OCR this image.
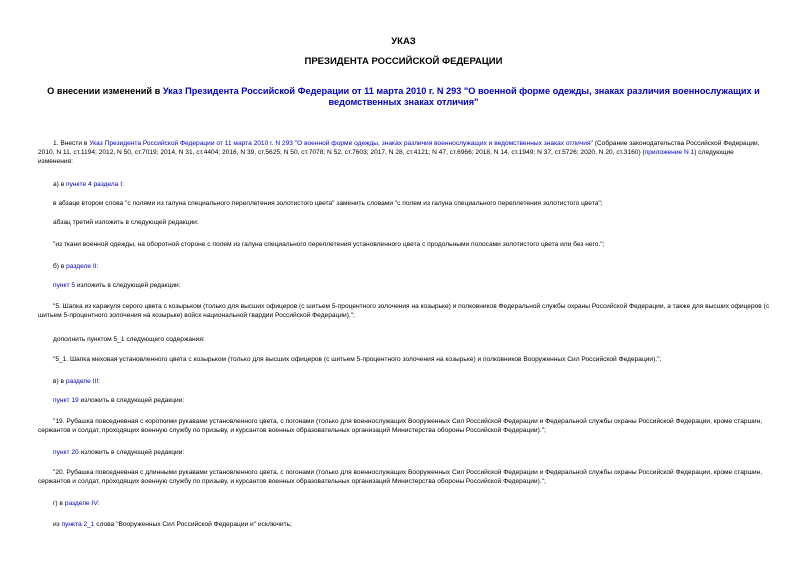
УКАЗ
ПРЕЗИДЕНТА РОССИЙСКОЙ ФЕДЕРАЦИИ
О внесении изменений в Указ Президента Российской Федерации от 11 марта 2010 г. N 293 "О военной форме одежды, знаках различия военнослужащих и ведомственных знаках отличия"

1. Внести в Указ Президента Российской Федерации от 11 марта 2010 г. N 293 "О военной форме одежды, знаках различия военнослужащих и ведомственных знаках отличия" (Собрание законодательства Российской Федерации, 2010, N 11, ст.1194; 2012, N 50, ст.7019; 2014, N 31, ст.4404; 2016, N 39, ст.5625; N 50, ст.7078; N 52, ст.7603; 2017, N 28, ст.4121; N 47, ст.6966; 2018, N 14, ст.1949; N 37, ст.5726; 2020, N 20, ст.3160) (приложение N 1) следующие изменения:

а) в пункте 4 раздела I:

в абзаце втором слова "с полями из галуна специального переплетения золотистого цвета" заменить словами "с полем из галуна специального переплетения золотистого цвета";

абзац третий изложить в следующей редакции:

"из ткани военной одежды, на оборотной стороне с полем из галуна специального переплетения установленного цвета с продольными полосами золотистого цвета или без него.";

б) в разделе II:

пункт 5 изложить в следующей редакции:

"5. Шапка из каракуля серого цвета с козырьком (только для высших офицеров (с шитьем 5-процентного золочения на козырьке) и полковников Федеральной службы охраны Российской Федерации, а также для высших офицеров (с шитьем 5-процентного золочения на козырьке) войск национальной гвардии Российской Федерации).";

дополнить пунктом 5_1 следующего содержания:

"5_1. Шапка меховая установленного цвета с козырьком (только для высших офицеров (с шитьем 5-процентного золочения на козырьке) и полковников Вооруженных Сил Российской Федерации).";

в) в разделе III:

пункт 19 изложить в следующей редакции:

"19. Рубашка повседневная с короткими рукавами установленного цвета, с погонами (только для военнослужащих Вооруженных Сил Российской Федерации и Федеральной службы охраны Российской Федерации, кроме старшин, сержантов и солдат, проходящих военную службу по призыву, и курсантов военных образовательных организаций Министерства обороны Российской Федерации).";

пункт 20 изложить в следующей редакции:

"20. Рубашка повседневная с длинными рукавами установленного цвета, с погонами (только для военнослужащих Вооруженных Сил Российской Федерации и Федеральной службы охраны Российской Федерации, кроме старшин, сержантов и солдат, проходящих военную службу по призыву, и курсантов военных образовательных организаций Министерства обороны Российской Федерации).";

г) в разделе IV:

из пункта 2_1 слова "Вооруженных Сил Российской Федерации и" исключить;
